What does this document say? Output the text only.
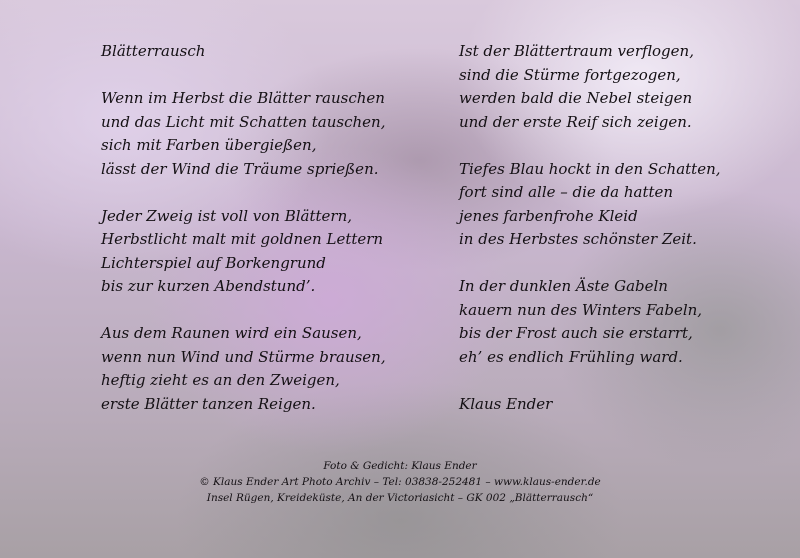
Blätterrausch
Wenn im Herbst die Blätter rauschen
und das Licht mit Schatten tauschen,
sich mit Farben übergießen,
lässt der Wind die Träume sprießen.
Jeder Zweig ist voll von Blättern,
Herbstlicht malt mit goldnen Lettern
Lichterspiel auf Borkengrund
bis zur kurzen Abendstund’.
Aus dem Raunen wird ein Sausen,
wenn nun Wind und Stürme brausen,
heftig zieht es an den Zweigen,
erste Blätter tanzen Reigen.
Ist der Blättertraum verflogen,
sind die Stürme fortgezogen,
werden bald die Nebel steigen
und der erste Reif sich zeigen.
Tiefes Blau hockt in den Schatten,
fort sind alle – die da hatten
jenes farbenfrohe Kleid
in des Herbstes schönster Zeit.
In der dunklen Äste Gabeln
kauern nun des Winters Fabeln,
bis der Frost auch sie erstarrt,
eh’ es endlich Frühling ward.
Klaus Ender
Foto & Gedicht: Klaus Ender
© Klaus Ender Art Photo Archiv – Tel: 03838-252481 – www.klaus-ender.de
Insel Rügen, Kreideküste, An der Victoriasicht – GK 002 „Blätterrausch“
